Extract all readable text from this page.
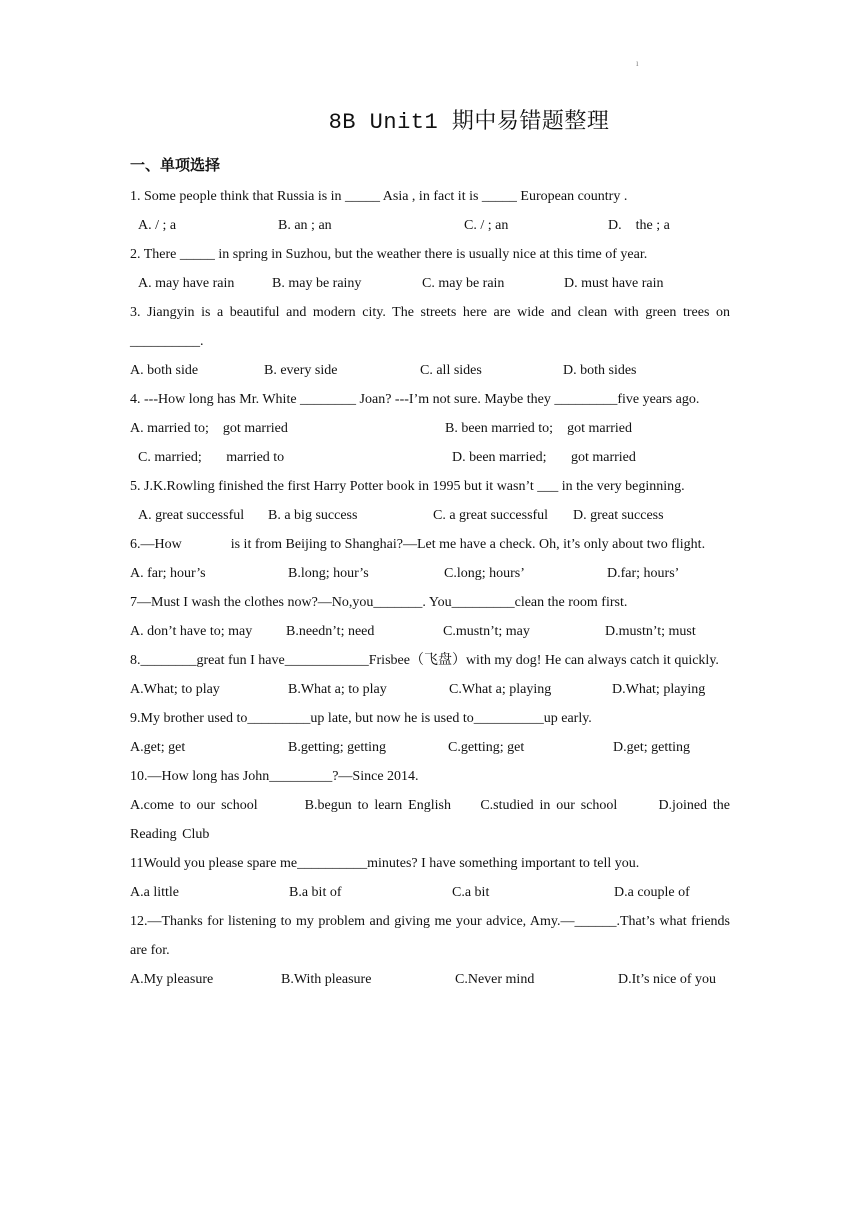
ı
8B Unit1 期中易错题整理
一、单项选择
1. Some people think that Russia is in _____ Asia , in fact it is _____ European country .
A. / ; a	B. an ; an	C. / ; an	D.    the ; a
2. There _____ in spring in Suzhou, but the weather there is usually nice at this time of year.
A. may have rain	B. may be rainy	C. may be rain	D. must have rain
3. Jiangyin is a beautiful and modern city. The streets here are wide and clean with green trees on __________.
A. both side	B. every side	C. all sides	D. both sides
4. ---How long has Mr. White ________ Joan? ---I’m not sure. Maybe they _________five years ago.
A. married to;    got married	B. been married to;    got married
C. married;       married to	D. been married;       got married
5. J.K.Rowling finished the first Harry Potter book in 1995 but it wasn’t ___ in the very beginning.
A. great successful	B. a big success	C. a great successful	D. great success
6.—How              is it from Beijing to Shanghai?—Let me have a check. Oh, it’s only about two flight.
A. far; hour’s	B.long; hour’s	C.long; hours’	D.far; hours’
7—Must I wash the clothes now?—No,you_______. You_________clean the room first.
A. don’t have to; may	B.needn’t; need	C.mustn’t; may	D.mustn’t; must
8.________great fun I have____________Frisbee（飞盘）with my dog! He can always catch it quickly.
A.What; to play	B.What a; to play	C.What a; playing	D.What; playing
9.My brother used to_________up late, but now he is used to__________up early.
A.get; get	B.getting; getting	C.getting; get	D.get; getting
10.—How long has John_________?—Since 2014.
A.come to our school	B.begun to learn English C.studied in our school	D.joined the Reading Club
11Would you please spare me__________minutes? I have something important to tell you.
A.a little	B.a bit of	C.a bit	D.a couple of
12.—Thanks for listening to my problem and giving me your advice, Amy.—______.That’s what friends are for.
A.My pleasure	B.With pleasure	C.Never mind	D.It’s nice of you
